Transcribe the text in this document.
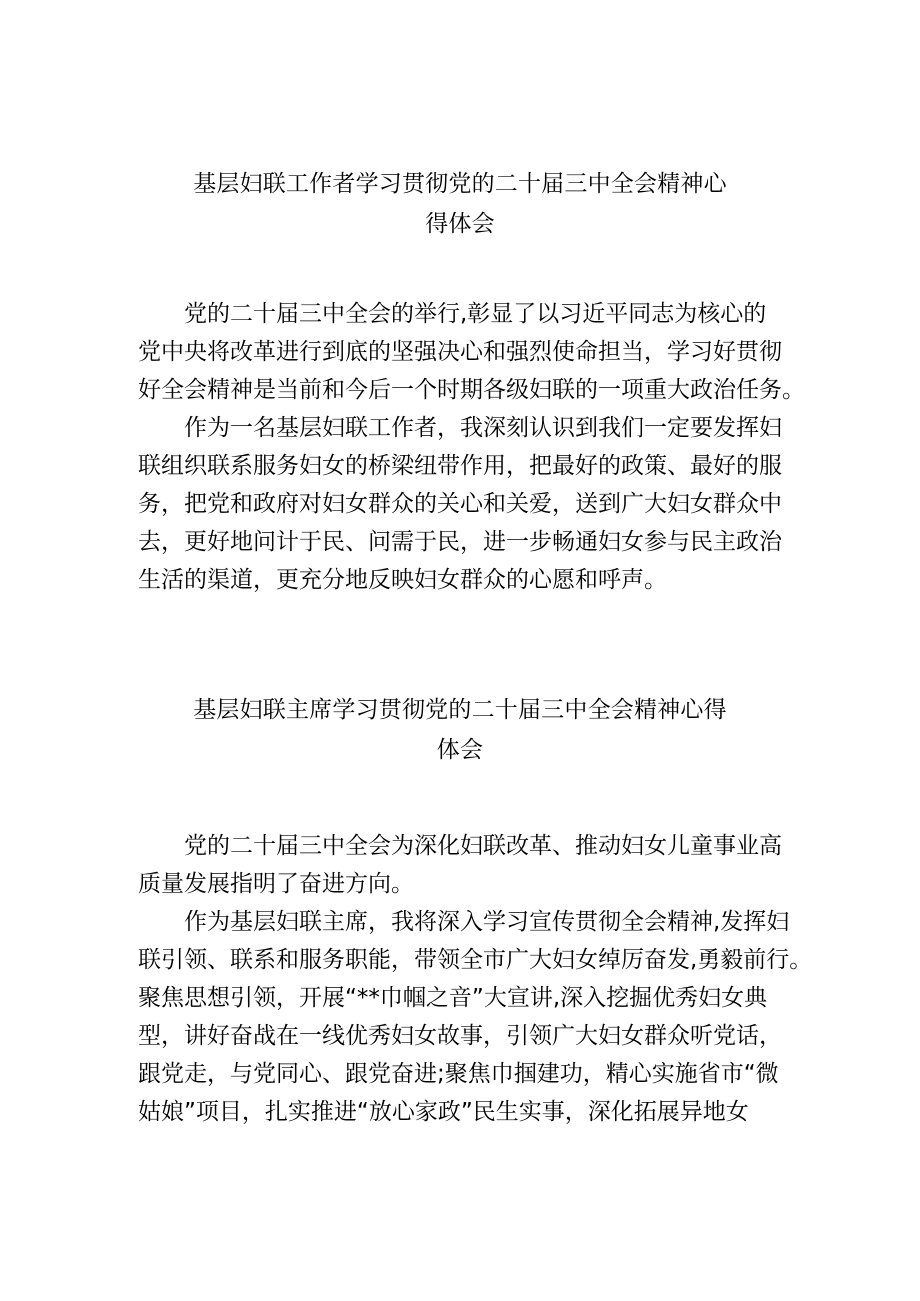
基层妇联工作者学习贯彻党的二十届三中全会精神心
得体会
党的二十届三中全会的举行,彰显了以习近平同志为核心的
党中央将改革进行到底的坚强决心和强烈使命担当，学习好贯彻
好全会精神是当前和今后一个时期各级妇联的一项重大政治任务。
作为一名基层妇联工作者，我深刻认识到我们一定要发挥妇
联组织联系服务妇女的桥梁纽带作用，把最好的政策、最好的服
务，把党和政府对妇女群众的关心和关爱，送到广大妇女群众中
去，更好地问计于民、问需于民，进一步畅通妇女参与民主政治
生活的渠道，更充分地反映妇女群众的心愿和呼声。
基层妇联主席学习贯彻党的二十届三中全会精神心得
体会
党的二十届三中全会为深化妇联改革、推动妇女儿童事业高
质量发展指明了奋进方向。
作为基层妇联主席，我将深入学习宣传贯彻全会精神,发挥妇
联引领、联系和服务职能，带领全市广大妇女绰厉奋发,勇毅前行。
聚焦思想引领，开展“**巾帼之音”大宣讲,深入挖掘优秀妇女典
型，讲好奋战在一线优秀妇女故事，引领广大妇女群众听党话，
跟党走，与党同心、跟党奋进;聚焦巾掴建功，精心实施省市“微
姑娘”项目，扎实推进“放心家政”民生实事，深化拓展异地女
